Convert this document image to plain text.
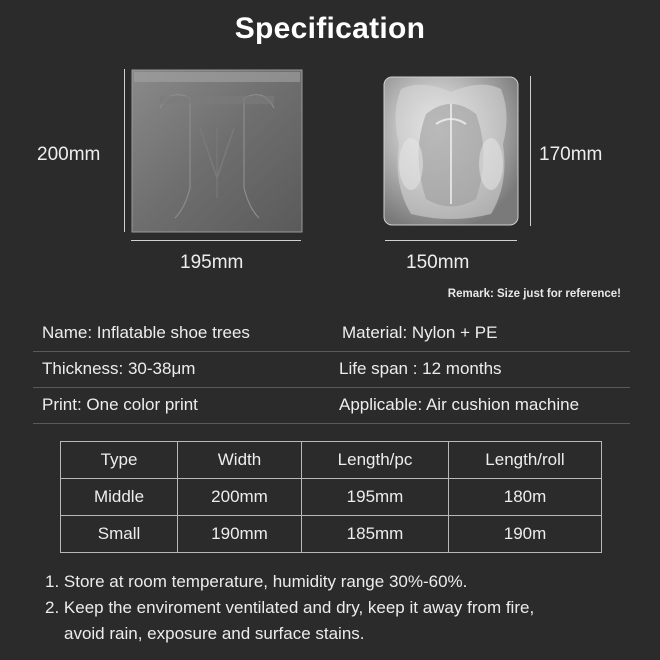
Specification
200mm
195mm
170mm
150mm
Remark: Size just for reference!
Name: Inflatable shoe trees	Material: Nylon + PE
Thickness: 30-38μm	Life span : 12 months
Print: One color print	Applicable: Air cushion machine
Type	Width	Length/pc	Length/roll
Middle	200mm	195mm	180m
Small	190mm	185mm	190m
1. Store at room temperature, humidity range 30%-60%.
2. Keep the enviroment ventilated and dry, keep it away from fire,
avoid rain, exposure and surface stains.
